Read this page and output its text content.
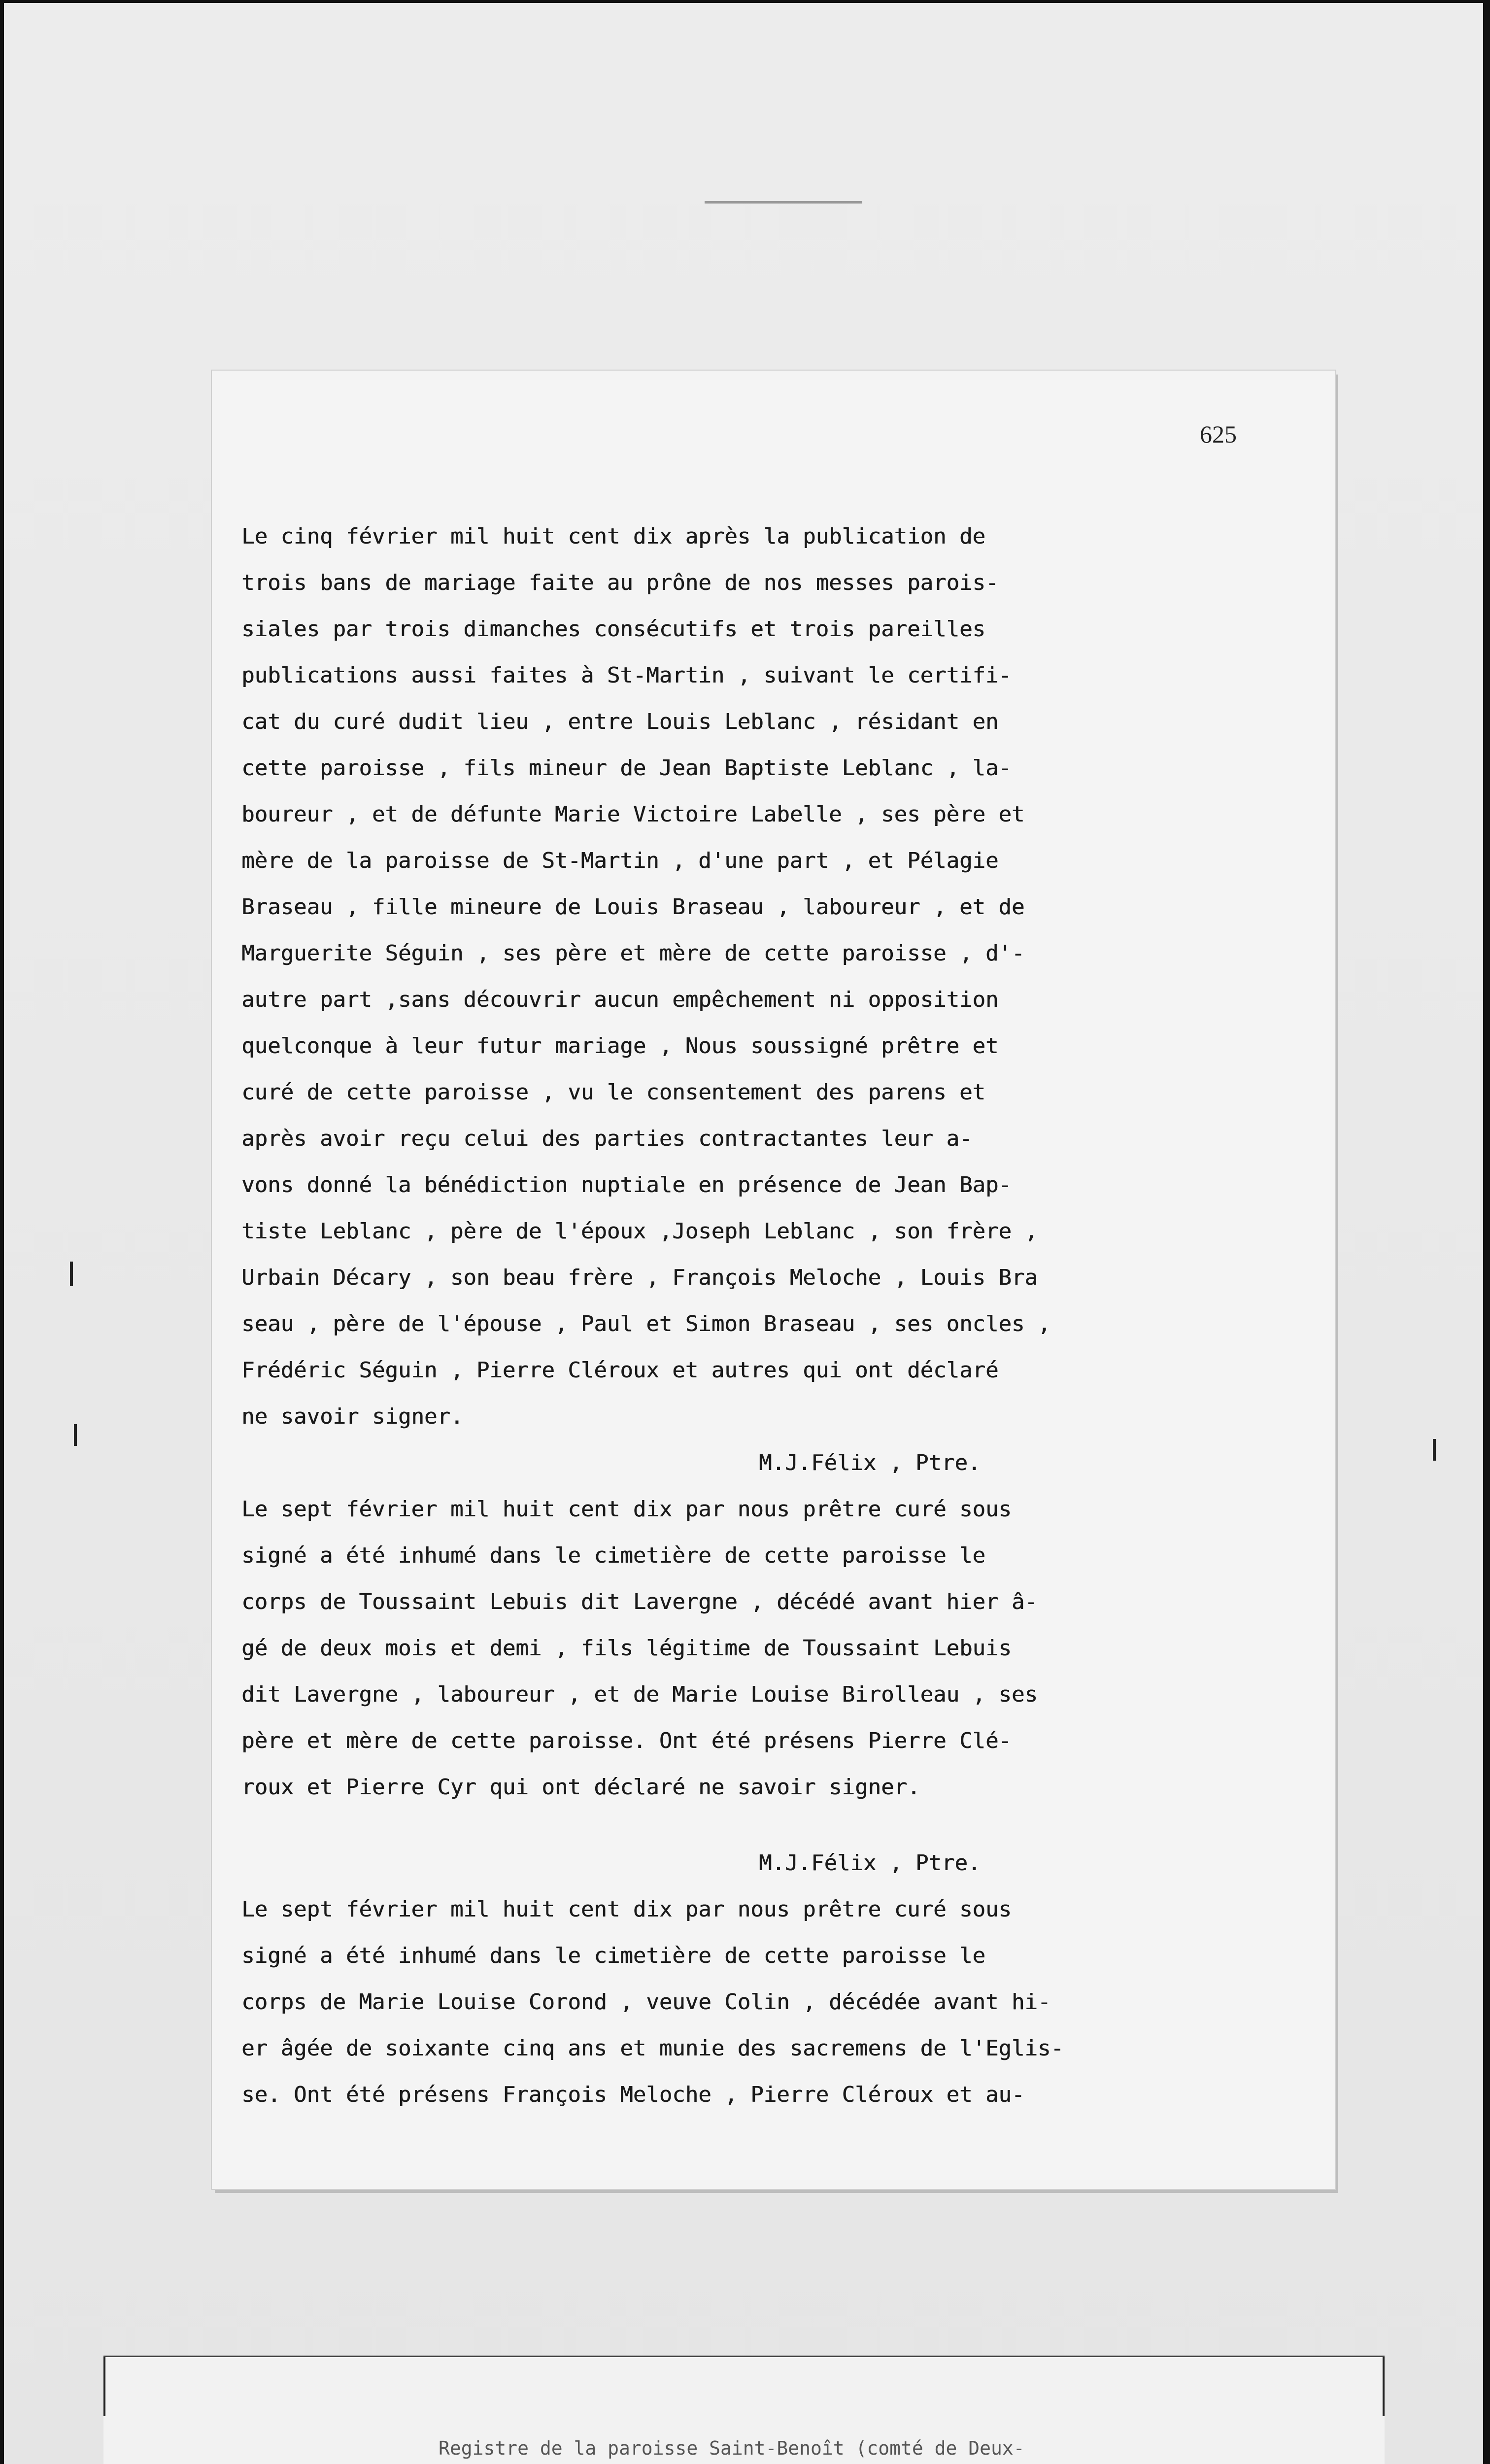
625
Le cinq février mil huit cent dix après la publication de
trois bans de mariage faite au prône de nos messes parois-
siales par trois dimanches consécutifs et trois pareilles
publications aussi faites à St-Martin , suivant le certifi-
cat du curé dudit lieu , entre Louis Leblanc , résidant en
cette paroisse , fils mineur de Jean Baptiste Leblanc , la-
boureur , et de défunte Marie Victoire Labelle , ses père et
mère de la paroisse de St-Martin , d'une part , et Pélagie
Braseau , fille mineure de Louis Braseau , laboureur , et de
Marguerite Séguin , ses père et mère de cette paroisse , d'-
autre part ,sans découvrir aucun empêchement ni opposition
quelconque à leur futur mariage , Nous soussigné prêtre et
curé de cette paroisse , vu le consentement des parens et
après avoir reçu celui des parties contractantes leur a-
vons donné la bénédiction nuptiale en présence de Jean Bap-
tiste Leblanc , père de l'époux ,Joseph Leblanc , son frère ,
Urbain Décary , son beau frère , François Meloche , Louis Bra
seau , père de l'épouse , Paul et Simon Braseau , ses oncles ,
Frédéric Séguin , Pierre Cléroux et autres qui ont déclaré
ne savoir signer.
M.J.Félix , Ptre.
Le sept février mil huit cent dix par nous prêtre curé sous
signé a été inhumé dans le cimetière de cette paroisse le
corps de Toussaint Lebuis dit Lavergne , décédé avant hier â-
gé de deux mois et demi , fils légitime de Toussaint Lebuis
dit Lavergne , laboureur , et de Marie Louise Birolleau , ses
père et mère de cette paroisse. Ont été présens Pierre Clé-
roux et Pierre Cyr qui ont déclaré ne savoir signer.
M.J.Félix , Ptre.
Le sept février mil huit cent dix par nous prêtre curé sous
signé a été inhumé dans le cimetière de cette paroisse le
corps de Marie Louise Corond , veuve Colin , décédée avant hi-
er âgée de soixante cinq ans et munie des sacremens de l'Eglis-
se. Ont été présens François Meloche , Pierre Cléroux et au-

Registre de la paroisse Saint-Benoît (comté de Deux-
